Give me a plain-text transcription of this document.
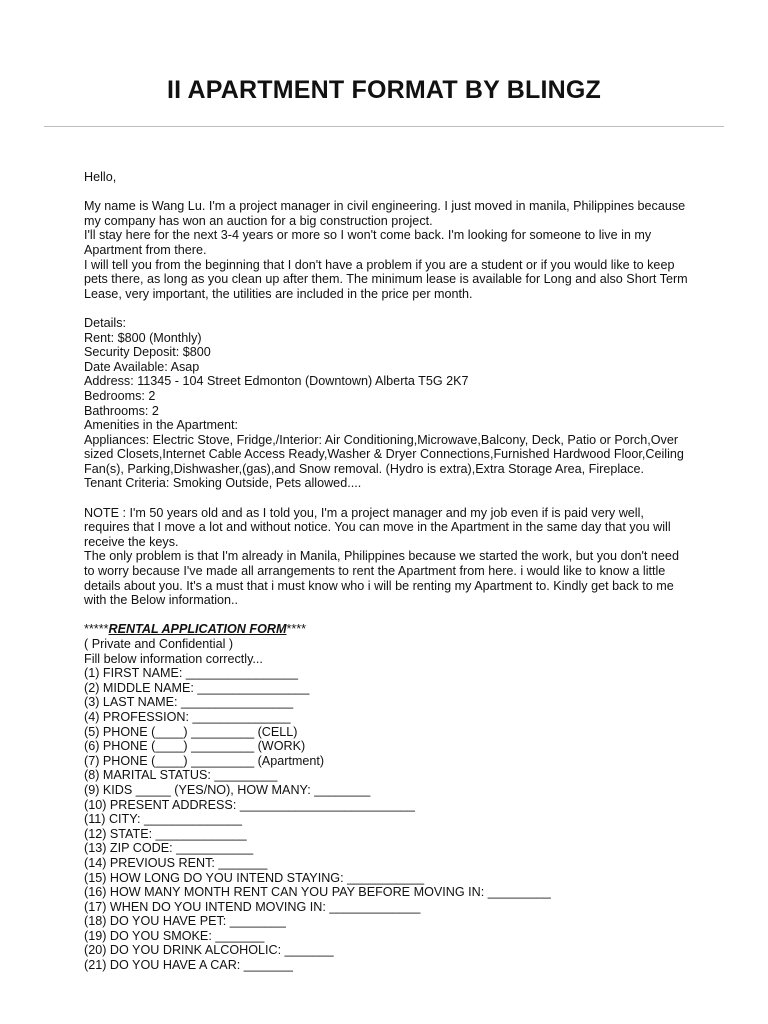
II APARTMENT FORMAT BY BLINGZ

Hello,

My name is Wang Lu. I'm a project manager in civil engineering. I just moved in manila, Philippines because my company has won an auction for a big construction project.

I'll stay here for the next 3-4 years or more so I won't come back. I'm looking for someone to live in my Apartment from there.

I will tell you from the beginning that I don't have a problem if you are a student or if you would like to keep pets there, as long as you clean up after them. The minimum lease is available for Long and also Short Term Lease, very important, the utilities are included in the price per month.

Details:

Rent: $800 (Monthly)

Security Deposit: $800

Date Available: Asap

Address: 11345 - 104 Street Edmonton (Downtown) Alberta T5G 2K7

Bedrooms: 2

Bathrooms: 2

Amenities in the Apartment:

Appliances: Electric Stove, Fridge,/Interior: Air Conditioning,Microwave,Balcony, Deck, Patio or Porch,Over sized Closets,Internet Cable Access Ready,Washer & Dryer Connections,Furnished Hardwood Floor,Ceiling Fan(s), Parking,Dishwasher,(gas),and Snow removal. (Hydro is extra),Extra Storage Area, Fireplace.

Tenant Criteria: Smoking Outside, Pets allowed....

NOTE : I'm 50 years old and as I told you, I'm a project manager and my job even if is paid very well, requires that I move a lot and without notice. You can move in the Apartment in the same day that you will receive the keys.

The only problem is that I'm already in Manila, Philippines because we started the work, but you don't need to worry because I've made all arrangements to rent the Apartment from here. i would like to know a little details about you. It's a must that i must know who i will be renting my Apartment to. Kindly get back to me with the Below information..

*****RENTAL APPLICATION FORM****

( Private and Confidential )

Fill below information correctly...

(1) FIRST NAME: ________________

(2) MIDDLE NAME: ________________

(3) LAST NAME: ________________

(4) PROFESSION: ______________

(5) PHONE (____) _________ (CELL)

(6) PHONE (____) _________ (WORK)

(7) PHONE (____) _________ (Apartment)

(8) MARITAL STATUS: _________

(9) KIDS _____ (YES/NO), HOW MANY: ________

(10) PRESENT ADDRESS: _________________________

(11) CITY: ______________

(12) STATE: _____________

(13) ZIP CODE: ___________

(14) PREVIOUS RENT: _______

(15) HOW LONG DO YOU INTEND STAYING: ___________

(16) HOW MANY MONTH RENT CAN YOU PAY BEFORE MOVING IN: _________

(17) WHEN DO YOU INTEND MOVING IN: _____________

(18) DO YOU HAVE PET: ________

(19) DO YOU SMOKE: _______

(20) DO YOU DRINK ALCOHOLIC: _______

(21) DO YOU HAVE A CAR: _______
